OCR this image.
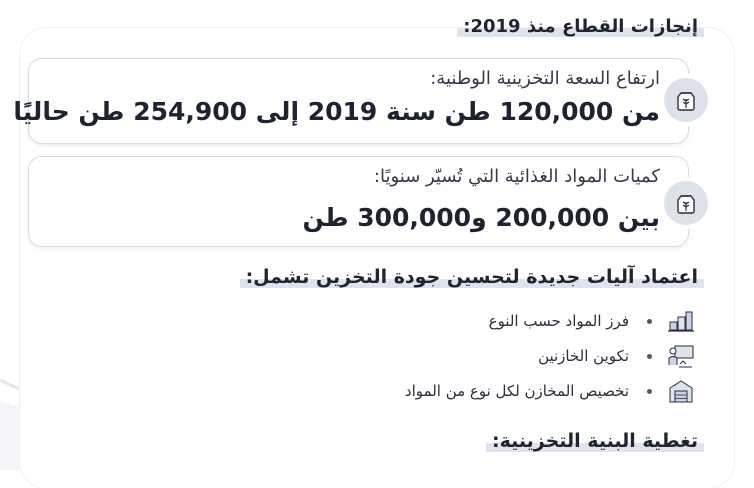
إنجازات القطاع منذ 2019:
ارتفاع السعة التخزينية الوطنية:
من 120,000 طن سنة 2019 إلى 254,900 طن حاليًا
كميات المواد الغذائية التي تُسيّر سنويًا:
بين 200,000 و300,000 طن
اعتماد آليات جديدة لتحسين جودة التخزين تشمل:
فرز المواد حسب النوع
تكوين الخازنين
تخصيص المخازن لكل نوع من المواد
تغطية البنية التخزينية:
